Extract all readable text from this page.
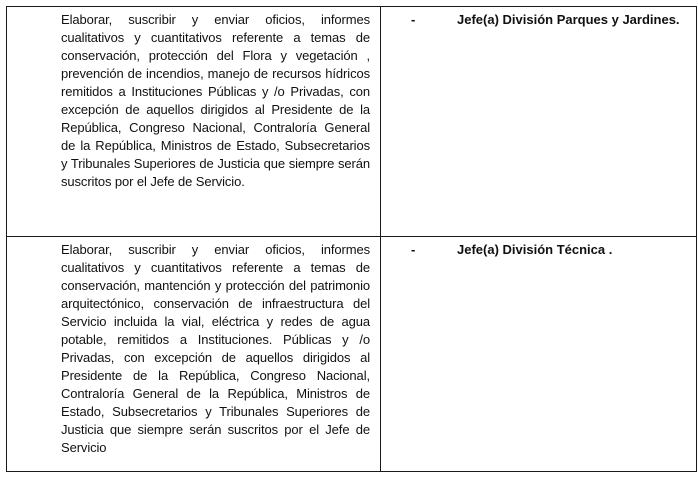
Elaborar, suscribir y enviar oficios, informes cualitativos y cuantitativos referente a temas de conservación, protección del Flora y vegetación , prevención de incendios, manejo de recursos hídricos remitidos a Instituciones Públicas y /o Privadas, con excepción de aquellos dirigidos al Presidente de la República, Congreso Nacional, Contraloría General de la República, Ministros de Estado, Subsecretarios y Tribunales Superiores de Justicia que siempre serán suscritos por el Jefe de Servicio.	- Jefe(a) División Parques y Jardines.

Elaborar, suscribir y enviar oficios, informes cualitativos y cuantitativos referente a temas de conservación, mantención y protección del patrimonio arquitectónico, conservación de infraestructura del Servicio incluida la vial, eléctrica y redes de agua potable, remitidos a Instituciones. Públicas y /o Privadas, con excepción de aquellos dirigidos al Presidente de la República, Congreso Nacional, Contraloría General de la República, Ministros de Estado, Subsecretarios y Tribunales Superiores de Justicia que siempre serán suscritos por el Jefe de Servicio	- Jefe(a) División Técnica .
